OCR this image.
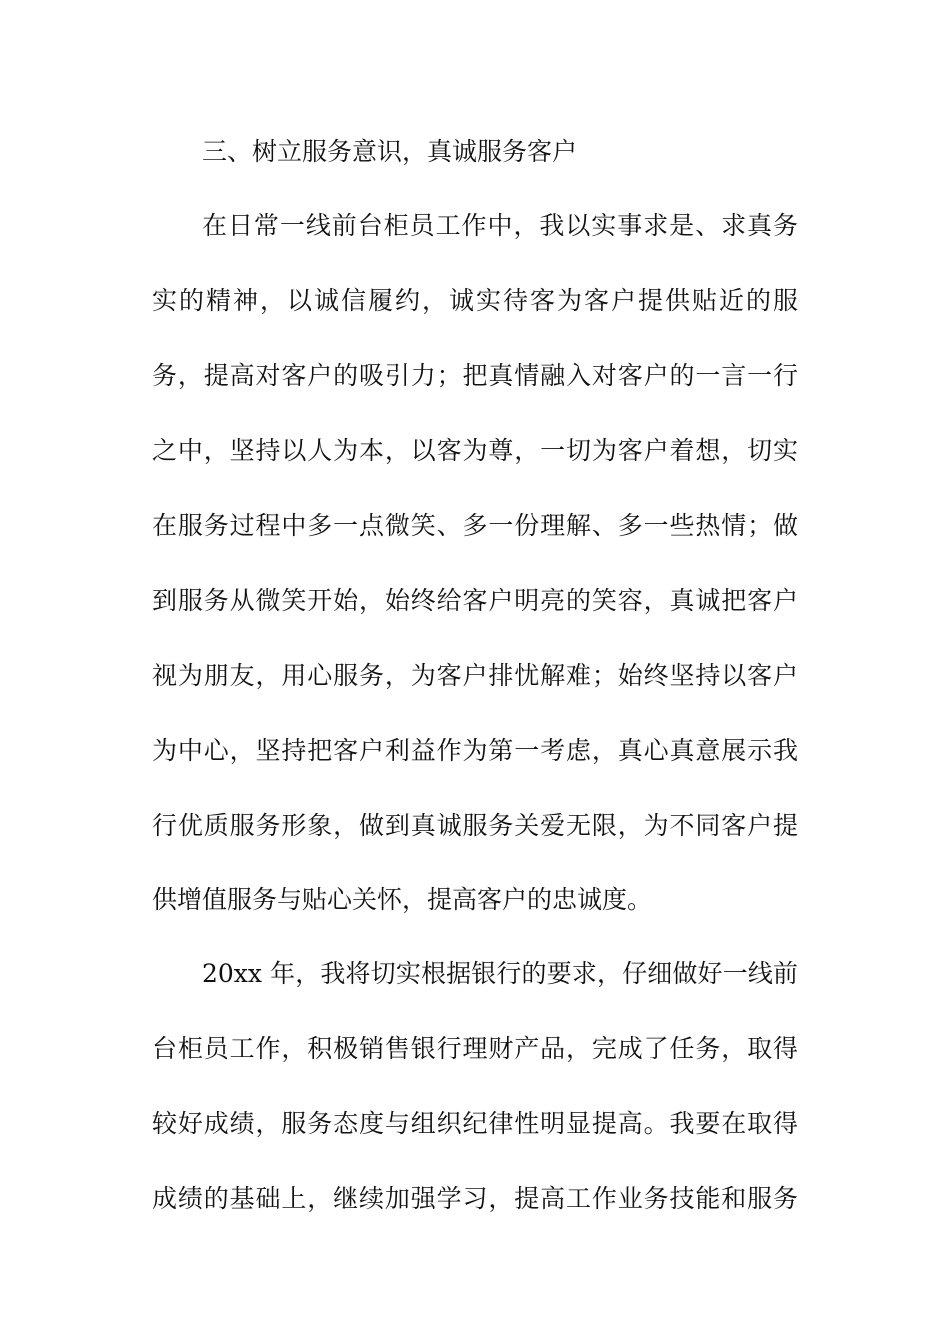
三、树立服务意识，真诚服务客户
在日常一线前台柜员工作中，我以实事求是、求真务
实的精神，以诚信履约，诚实待客为客户提供贴近的服
务，提高对客户的吸引力；把真情融入对客户的一言一行
之中，坚持以人为本，以客为尊，一切为客户着想，切实
在服务过程中多一点微笑、多一份理解、多一些热情；做
到服务从微笑开始，始终给客户明亮的笑容，真诚把客户
视为朋友，用心服务，为客户排忧解难；始终坚持以客户
为中心，坚持把客户利益作为第一考虑，真心真意展示我
行优质服务形象，做到真诚服务关爱无限，为不同客户提
供增值服务与贴心关怀，提高客户的忠诚度。
20xx 年，我将切实根据银行的要求，仔细做好一线前
台柜员工作，积极销售银行理财产品，完成了任务，取得
较好成绩，服务态度与组织纪律性明显提高。我要在取得
成绩的基础上，继续加强学习，提高工作业务技能和服务
